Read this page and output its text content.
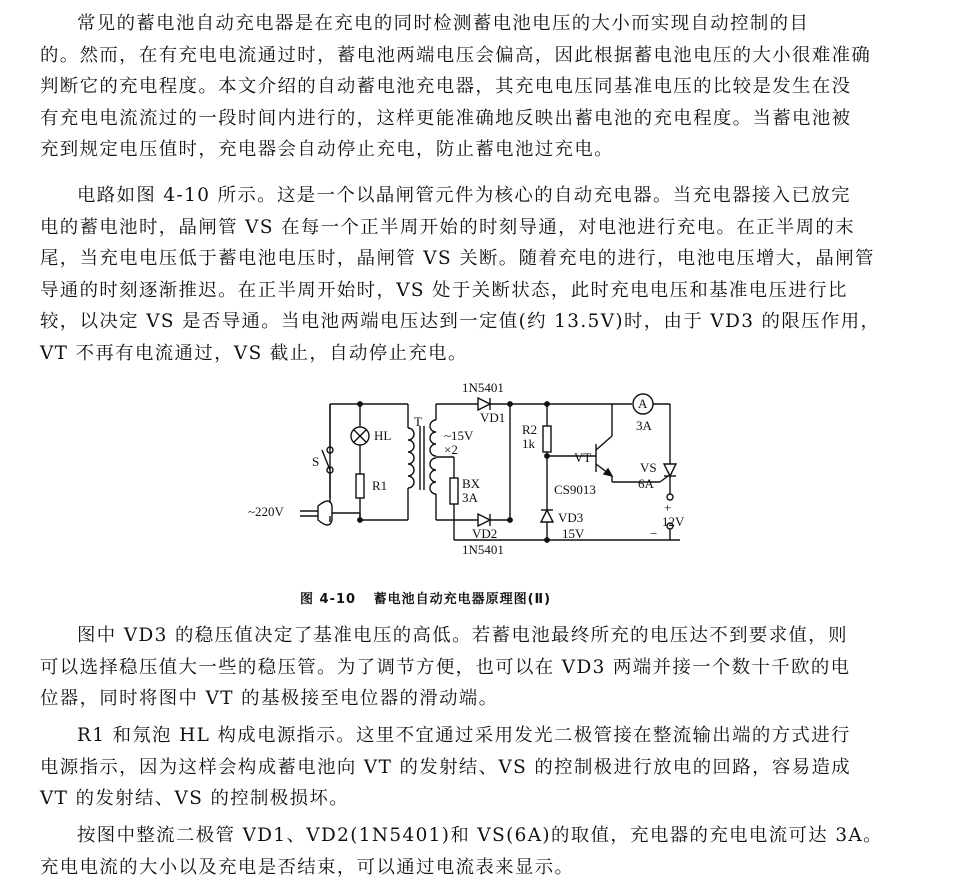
常见的蓄电池自动充电器是在充电的同时检测蓄电池电压的大小而实现自动控制的目
的。然而，在有充电电流通过时，蓄电池两端电压会偏高，因此根据蓄电池电压的大小很难准确
判断它的充电程度。本文介绍的自动蓄电池充电器，其充电电压同基准电压的比较是发生在没
有充电电流流过的一段时间内进行的，这样更能准确地反映出蓄电池的充电程度。当蓄电池被
充到规定电压值时，充电器会自动停止充电，防止蓄电池过充电。

电路如图 4-10 所示。这是一个以晶闸管元件为核心的自动充电器。当充电器接入已放完
电的蓄电池时，晶闸管 VS 在每一个正半周开始的时刻导通，对电池进行充电。在正半周的末
尾，当充电电压低于蓄电池电压时，晶闸管 VS 关断。随着充电的进行，电池电压增大，晶闸管
导通的时刻逐渐推迟。在正半周开始时，VS 处于关断状态，此时充电电压和基准电压进行比
较，以决定 VS 是否导通。当电池两端电压达到一定值(约 13.5V)时，由于 VD3 的限压作用，
VT 不再有电流通过，VS 截止，自动停止充电。

1N5401
VD1
1N5401
VD2
T
~15V
×2
S
HL
R1
~220V
BX
3A
R2
1k
VT
CS9013
VD3
15V
A
3A
VS
6A
+
12V
−
图 4-10 蓄电池自动充电器原理图(Ⅱ)

图中 VD3 的稳压值决定了基准电压的高低。若蓄电池最终所充的电压达不到要求值，则
可以选择稳压值大一些的稳压管。为了调节方便，也可以在 VD3 两端并接一个数十千欧的电
位器，同时将图中 VT 的基极接至电位器的滑动端。

R1 和氖泡 HL 构成电源指示。这里不宜通过采用发光二极管接在整流输出端的方式进行
电源指示，因为这样会构成蓄电池向 VT 的发射结、VS 的控制极进行放电的回路，容易造成
VT 的发射结、VS 的控制极损坏。

按图中整流二极管 VD1、VD2(1N5401)和 VS(6A)的取值，充电器的充电电流可达 3A。
充电电流的大小以及充电是否结束，可以通过电流表来显示。
